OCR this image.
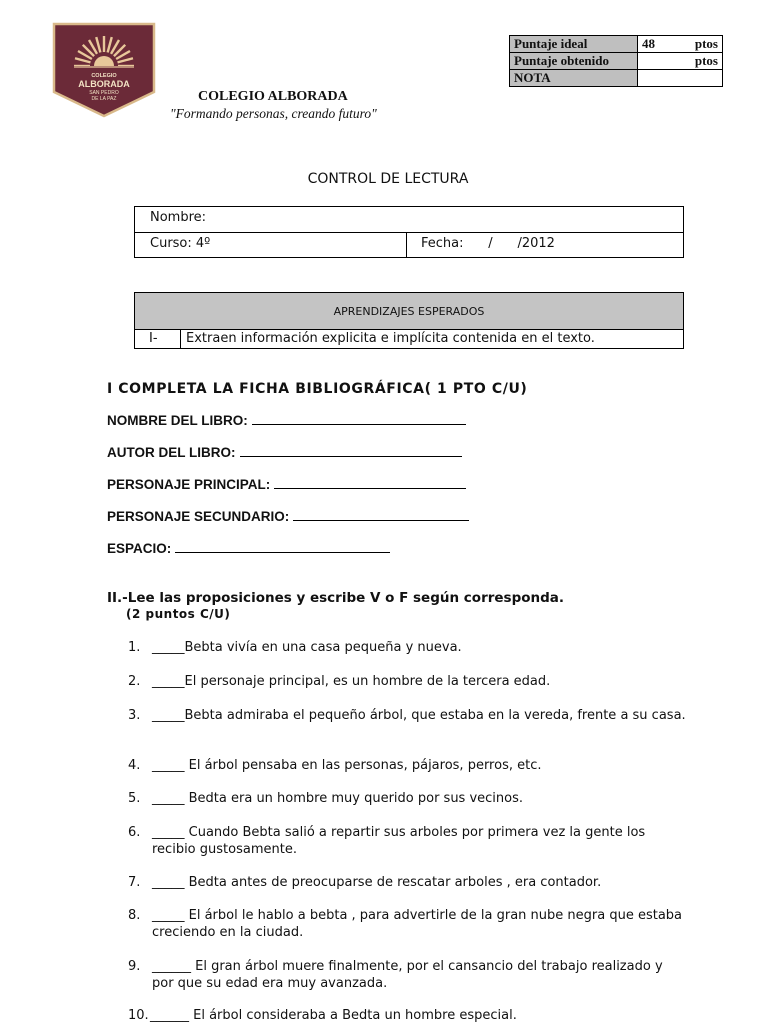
COLEGIO
ALBORADA
SAN PEDRO
DE LA PAZ	COLEGIO ALBORADA
"Formando personas, creando futuro"
Puntaje ideal	48 ptos

Puntaje obtenido	ptos

NOTA	
CONTROL DE LECTURA
Nombre:
Curso: 4º	Fecha:      /      /2012
APRENDIZAJES ESPERADOS
I- Extraen información explicita e implícita contenida en el texto.
I COMPLETA LA FICHA BIBLIOGRÁFICA( 1 PTO C/U)
NOMBRE DEL LIBRO:
AUTOR DEL LIBRO:
PERSONAJE PRINCIPAL:
PERSONAJE SECUNDARIO:
ESPACIO:
II.-Lee las proposiciones y escribe V o F según corresponda.
(2 puntos C/U)
1. _____Bebta vivía en una casa pequeña y nueva.
2. _____El personaje principal, es un hombre de la tercera edad.
3. _____Bebta admiraba el pequeño árbol, que estaba en la vereda, frente a su casa.
4. _____ El árbol pensaba en las personas, pájaros, perros, etc.
5. _____ Bedta era un hombre muy querido por sus vecinos.
6. _____ Cuando Bebta salió a repartir sus arboles por primera vez la gente los recibio gustosamente.
7. _____ Bedta antes de preocuparse de rescatar arboles , era contador.
8. _____ El árbol le hablo a bebta , para advertirle de la gran nube negra que estaba creciendo en la ciudad.
9. ______ El gran árbol muere finalmente, por el cansancio del trabajo realizado y por que su edad era muy avanzada.
10. ______ El árbol consideraba a Bedta un hombre especial.
